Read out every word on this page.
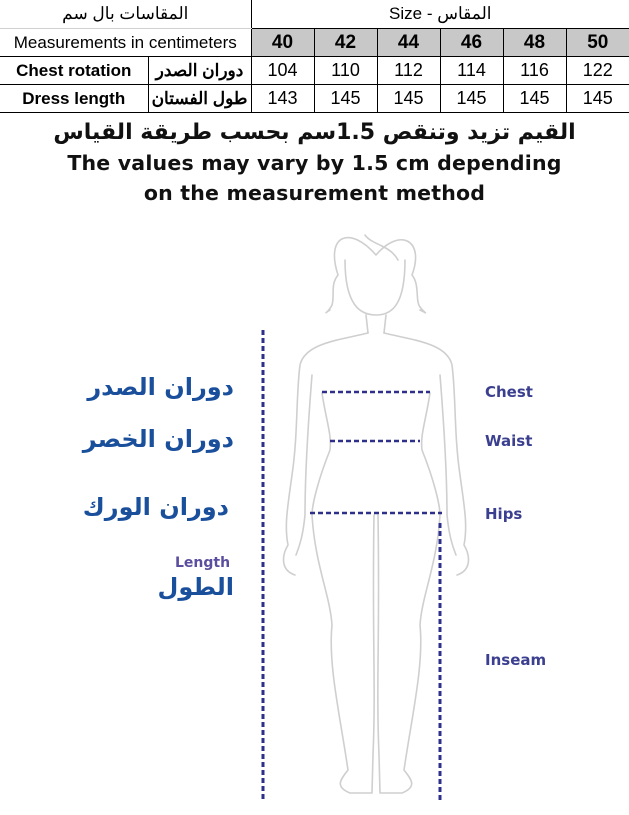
المقاسات بال سم		Size - المقاس					
Measurements in centimeters		40	42	44	46	48	50
Chest rotation	دوران الصدر	104	110	112	114	116	122
Dress length	طول الفستان	143	145	145	145	145	145
القيم تزيد وتنقص 1.5سم بحسب طريقة القياس
The values may vary by 1.5 cm depending
on the measurement method
دوران الصدر
دوران الخصر
دوران الورك
Length
الطول
Chest
Waist
Hips
Inseam
